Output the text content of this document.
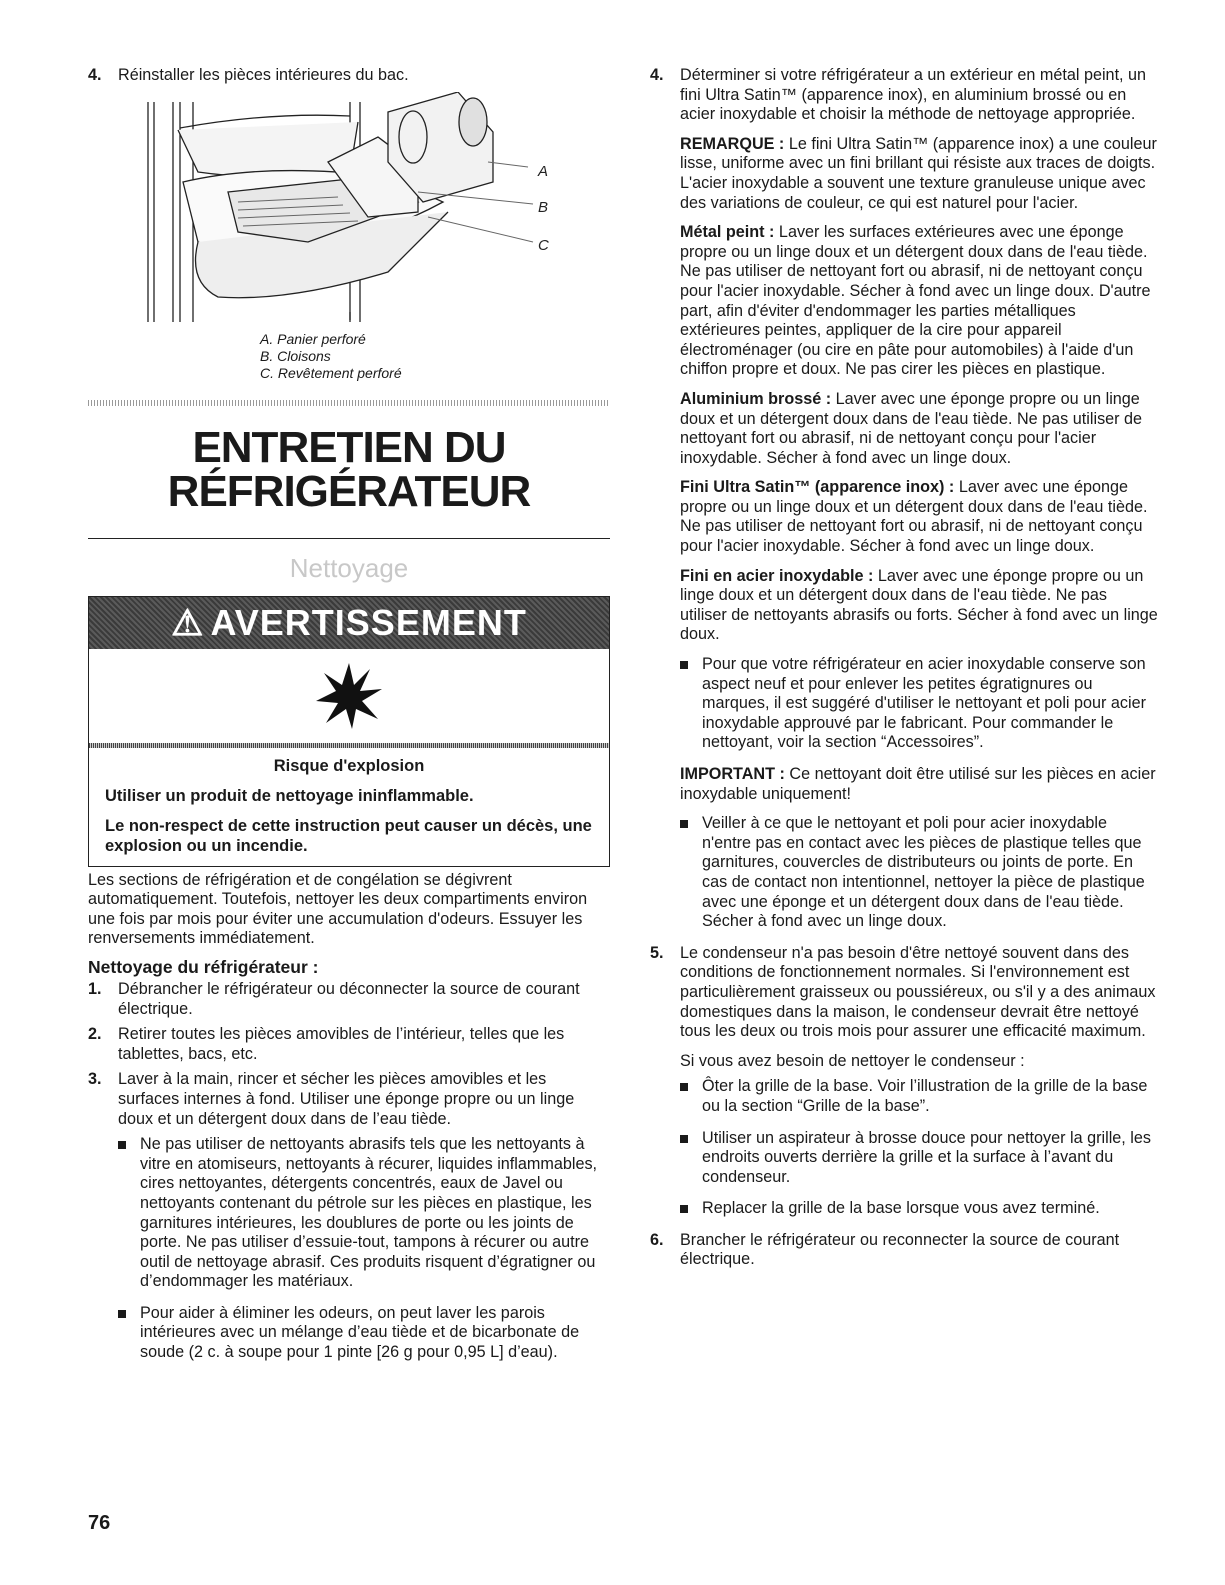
4. Réinstaller les pièces intérieures du bac.
A
B
C
A. Panier perforé
B. Cloisons
C. Revêtement perforé
ENTRETIEN DU
RÉFRIGÉRATEUR
Nettoyage
⚠ AVERTISSEMENT

Risque d'explosion

Utiliser un produit de nettoyage ininflammable.

Le non-respect de cette instruction peut causer un décès, une explosion ou un incendie.

Les sections de réfrigération et de congélation se dégivrent automatiquement. Toutefois, nettoyer les deux compartiments environ une fois par mois pour éviter une accumulation d'odeurs. Essuyer les renversements immédiatement.

Nettoyage du réfrigérateur :
1. Débrancher le réfrigérateur ou déconnecter la source de courant électrique.
2. Retirer toutes les pièces amovibles de l’intérieur, telles que les tablettes, bacs, etc.
3. Laver à la main, rincer et sécher les pièces amovibles et les surfaces internes à fond. Utiliser une éponge propre ou un linge doux et un détergent doux dans de l’eau tiède.
Ne pas utiliser de nettoyants abrasifs tels que les nettoyants à vitre en atomiseurs, nettoyants à récurer, liquides inflammables, cires nettoyantes, détergents concentrés, eaux de Javel ou nettoyants contenant du pétrole sur les pièces en plastique, les garnitures intérieures, les doublures de porte ou les joints de porte. Ne pas utiliser d’essuie-tout, tampons à récurer ou autre outil de nettoyage abrasif. Ces produits risquent d’égratigner ou d’endommager les matériaux.
Pour aider à éliminer les odeurs, on peut laver les parois intérieures avec un mélange d’eau tiède et de bicarbonate de soude (2 c. à soupe pour 1 pinte [26 g pour 0,95 L] d’eau).
4. Déterminer si votre réfrigérateur a un extérieur en métal peint, un fini Ultra Satin™ (apparence inox), en aluminium brossé ou en acier inoxydable et choisir la méthode de nettoyage appropriée.

REMARQUE : Le fini Ultra Satin™ (apparence inox) a une couleur lisse, uniforme avec un fini brillant qui résiste aux traces de doigts. L'acier inoxydable a souvent une texture granuleuse unique avec des variations de couleur, ce qui est naturel pour l'acier.

Métal peint : Laver les surfaces extérieures avec une éponge propre ou un linge doux et un détergent doux dans de l'eau tiède. Ne pas utiliser de nettoyant fort ou abrasif, ni de nettoyant conçu pour l'acier inoxydable. Sécher à fond avec un linge doux. D'autre part, afin d'éviter d'endommager les parties métalliques extérieures peintes, appliquer de la cire pour appareil électroménager (ou cire en pâte pour automobiles) à l'aide d'un chiffon propre et doux. Ne pas cirer les pièces en plastique.

Aluminium brossé : Laver avec une éponge propre ou un linge doux et un détergent doux dans de l'eau tiède. Ne pas utiliser de nettoyant fort ou abrasif, ni de nettoyant conçu pour l'acier inoxydable. Sécher à fond avec un linge doux.

Fini Ultra Satin™ (apparence inox) : Laver avec une éponge propre ou un linge doux et un détergent doux dans de l'eau tiède. Ne pas utiliser de nettoyant fort ou abrasif, ni de nettoyant conçu pour l'acier inoxydable. Sécher à fond avec un linge doux.

Fini en acier inoxydable : Laver avec une éponge propre ou un linge doux et un détergent doux dans de l'eau tiède. Ne pas utiliser de nettoyants abrasifs ou forts. Sécher à fond avec un linge doux.

Pour que votre réfrigérateur en acier inoxydable conserve son aspect neuf et pour enlever les petites égratignures ou marques, il est suggéré d'utiliser le nettoyant et poli pour acier inoxydable approuvé par le fabricant. Pour commander le nettoyant, voir la section “Accessoires”.

IMPORTANT : Ce nettoyant doit être utilisé sur les pièces en acier inoxydable uniquement!

Veiller à ce que le nettoyant et poli pour acier inoxydable n'entre pas en contact avec les pièces de plastique telles que garnitures, couvercles de distributeurs ou joints de porte. En cas de contact non intentionnel, nettoyer la pièce de plastique avec une éponge et un détergent doux dans de l'eau tiède. Sécher à fond avec un linge doux.
5. Le condenseur n'a pas besoin d'être nettoyé souvent dans des conditions de fonctionnement normales. Si l'environnement est particulièrement graisseux ou poussiéreux, ou s'il y a des animaux domestiques dans la maison, le condenseur devrait être nettoyé tous les deux ou trois mois pour assurer une efficacité maximum.

Si vous avez besoin de nettoyer le condenseur :

Ôter la grille de la base. Voir l’illustration de la grille de la base ou la section “Grille de la base”.
Utiliser un aspirateur à brosse douce pour nettoyer la grille, les endroits ouverts derrière la grille et la surface à l’avant du condenseur.
Replacer la grille de la base lorsque vous avez terminé.
6. Brancher le réfrigérateur ou reconnecter la source de courant électrique.
76
